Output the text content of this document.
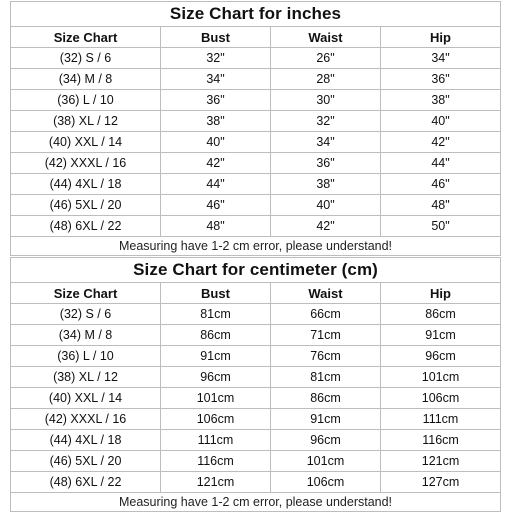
Size Chart for inches			
Size Chart	Bust	Waist	Hip
(32) S / 6	32"	26"	34"
(34) M / 8	34"	28"	36"
(36) L / 10	36"	30"	38"
(38) XL / 12	38"	32"	40"
(40) XXL / 14	40"	34"	42"
(42) XXXL / 16	42"	36"	44"
(44) 4XL / 18	44"	38"	46"
(46) 5XL / 20	46"	40"	48"
(48) 6XL / 22	48"	42"	50"
Measuring have 1-2 cm error, please understand!			
Size Chart for centimeter (cm)			
Size Chart	Bust	Waist	Hip
(32) S / 6	81cm	66cm	86cm
(34) M / 8	86cm	71cm	91cm
(36) L / 10	91cm	76cm	96cm
(38) XL / 12	96cm	81cm	101cm
(40) XXL / 14	101cm	86cm	106cm
(42) XXXL / 16	106cm	91cm	111cm
(44) 4XL / 18	111cm	96cm	116cm
(46) 5XL / 20	116cm	101cm	121cm
(48) 6XL / 22	121cm	106cm	127cm
Measuring have 1-2 cm error, please understand!			
